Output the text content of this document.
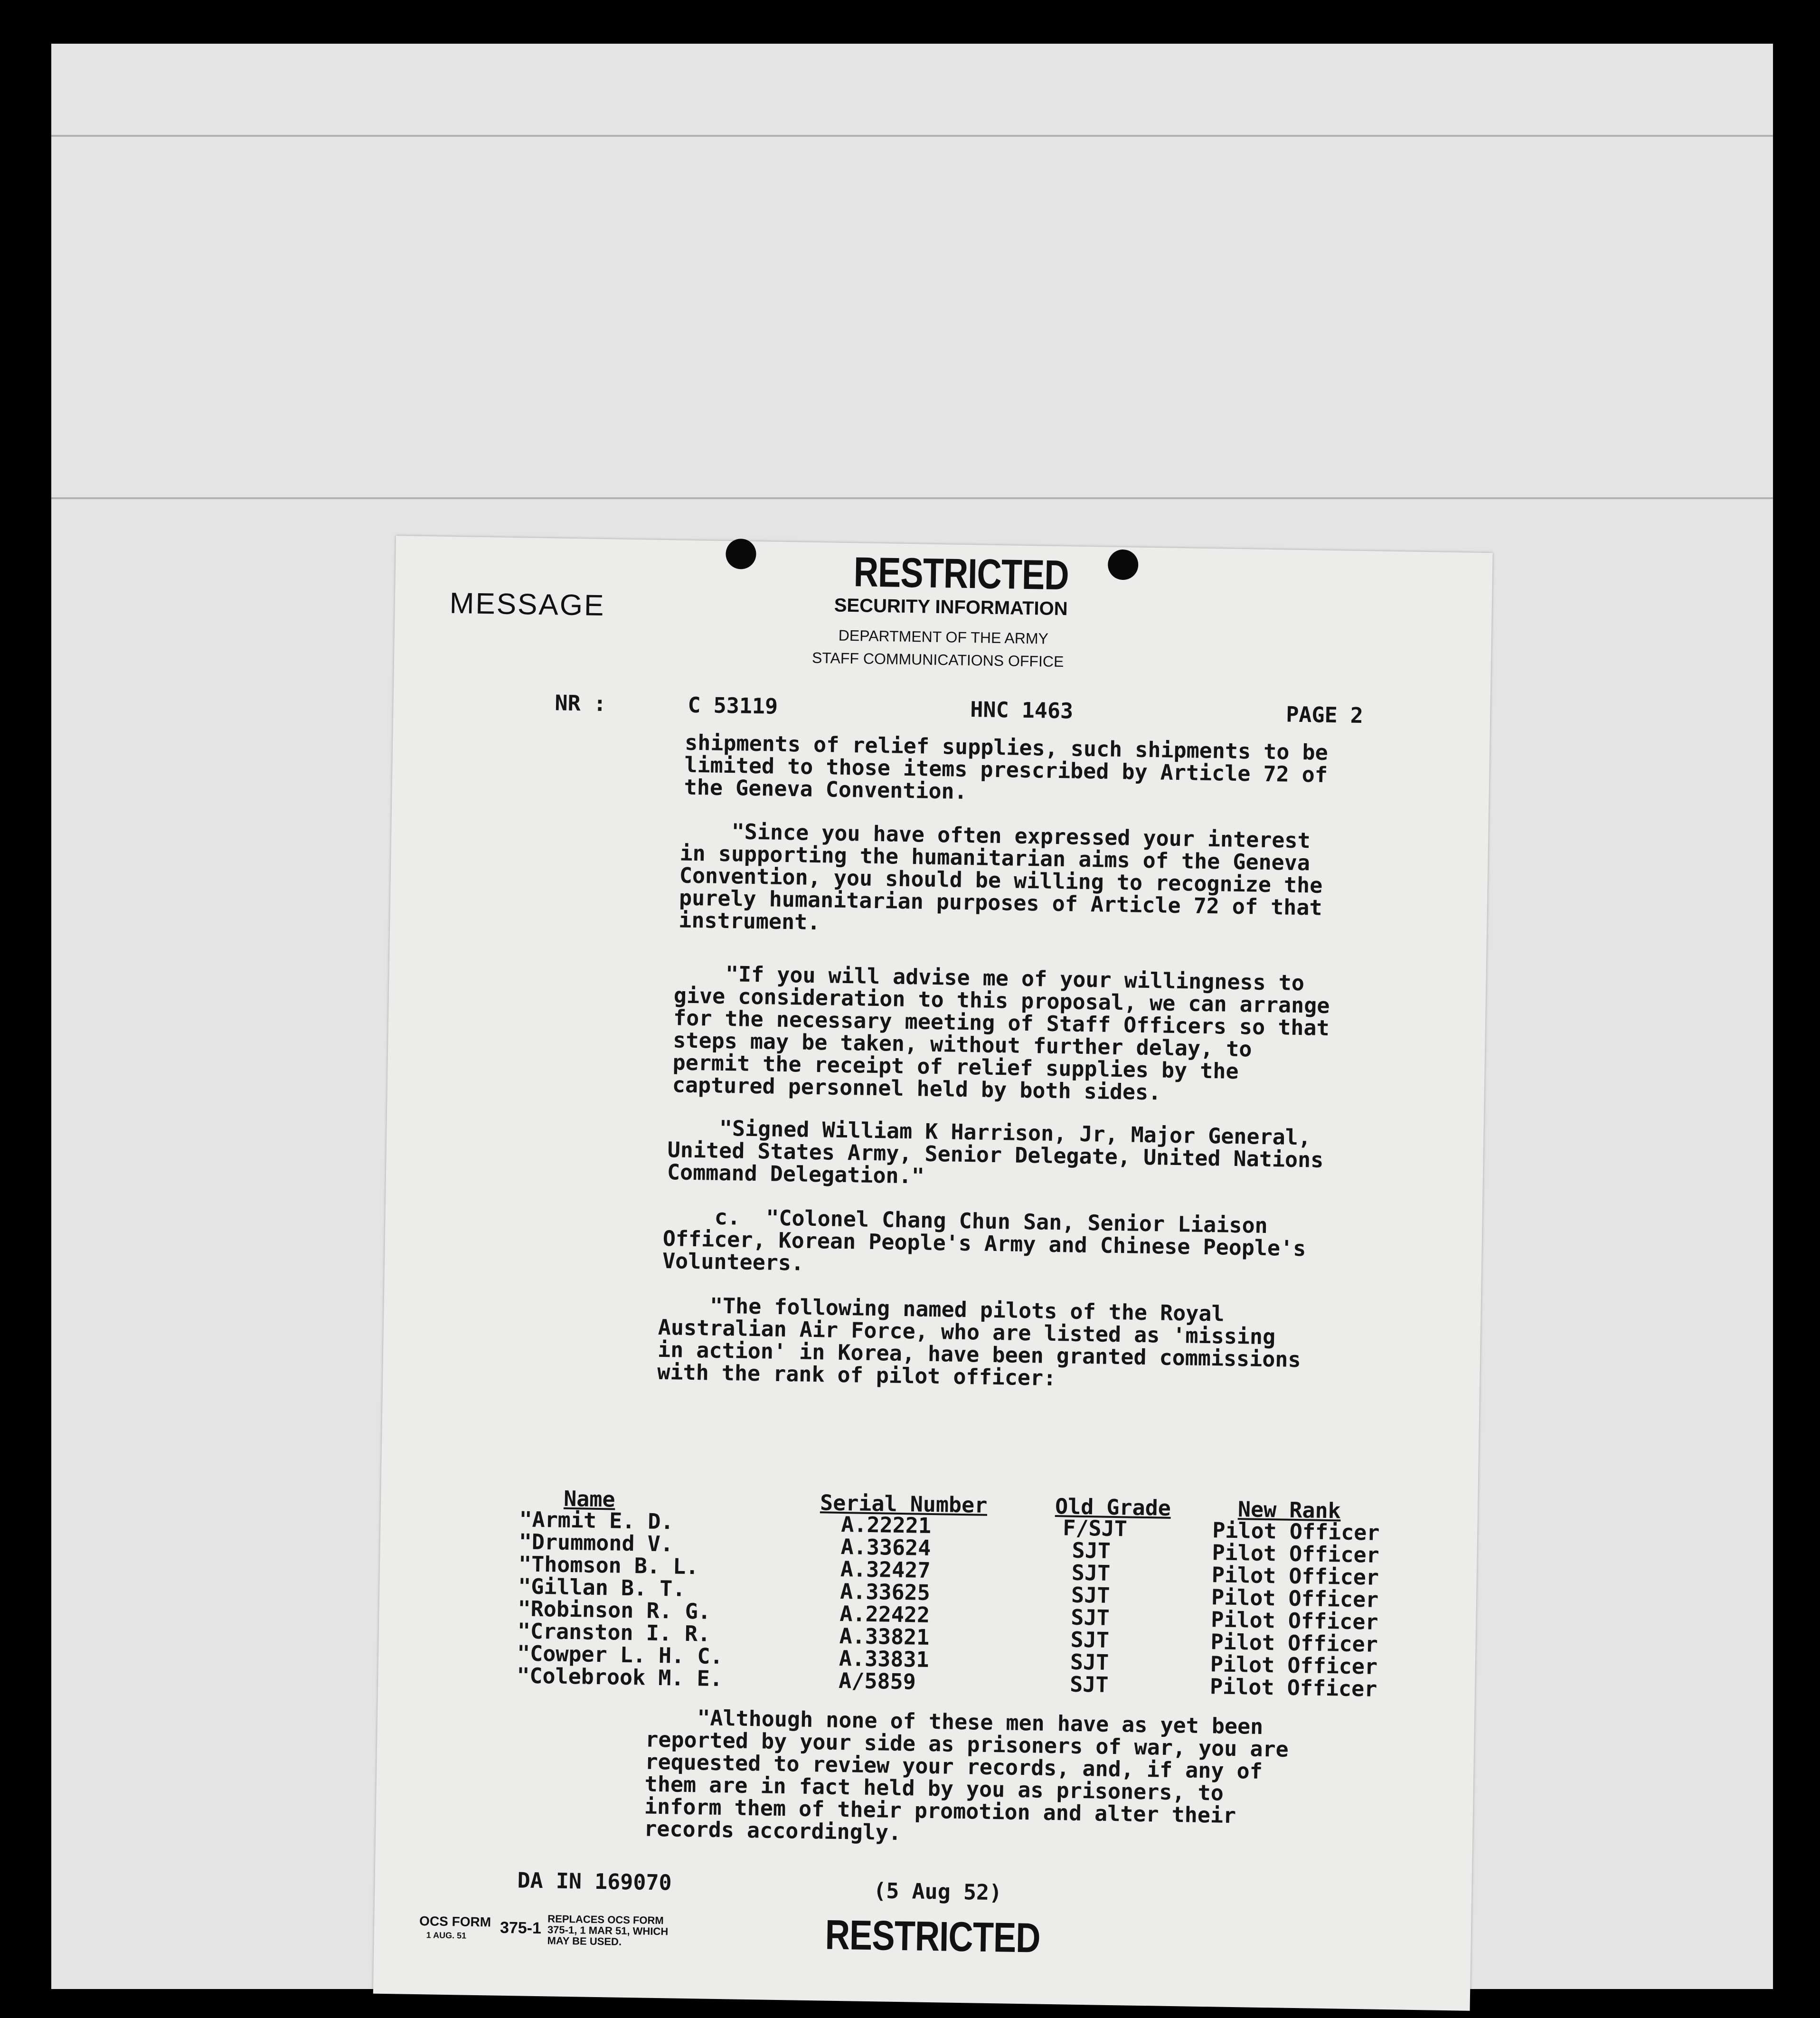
RESTRICTED
SECURITY INFORMATION
MESSAGE
DEPARTMENT OF THE ARMY
STAFF COMMUNICATIONS OFFICE
NR :	C 53119	HNC 1463	PAGE 2
shipments of relief supplies, such shipments to be
limited to those items prescribed by Article 72 of
the Geneva Convention.
"Since you have often expressed your interest
in supporting the humanitarian aims of the Geneva
Convention, you should be willing to recognize the
purely humanitarian purposes of Article 72 of that
instrument.
"If you will advise me of your willingness to
give consideration to this proposal, we can arrange
for the necessary meeting of Staff Officers so that
steps may be taken, without further delay, to
permit the receipt of relief supplies by the
captured personnel held by both sides.
"Signed William K Harrison, Jr, Major General,
United States Army, Senior Delegate, United Nations
Command Delegation."
c.  "Colonel Chang Chun San, Senior Liaison
Officer, Korean People's Army and Chinese People's
Volunteers.
"The following named pilots of the Royal
Australian Air Force, who are listed as 'missing
in action' in Korea, have been granted commissions
with the rank of pilot officer:
Name	Serial Number	Old Grade	New Rank
"Armit E. D.	A.22221	F/SJT	Pilot Officer
"Drummond V.	A.33624	SJT	Pilot Officer
"Thomson B. L.	A.32427	SJT	Pilot Officer
"Gillan B. T.	A.33625	SJT	Pilot Officer
"Robinson R. G.	A.22422	SJT	Pilot Officer
"Cranston I. R.	A.33821	SJT	Pilot Officer
"Cowper L. H. C.	A.33831	SJT	Pilot Officer
"Colebrook M. E.	A/5859	SJT	Pilot Officer
"Although none of these men have as yet been
reported by your side as prisoners of war, you are
requested to review your records, and, if any of
them are in fact held by you as prisoners, to
inform them of their promotion and alter their
records accordingly.
DA IN 169070	(5 Aug 52)
OCS FORM
1 AUG. 51 375-1 REPLACES OCS FORM
375-1, 1 MAR 51, WHICH
MAY BE USED.	RESTRICTED
